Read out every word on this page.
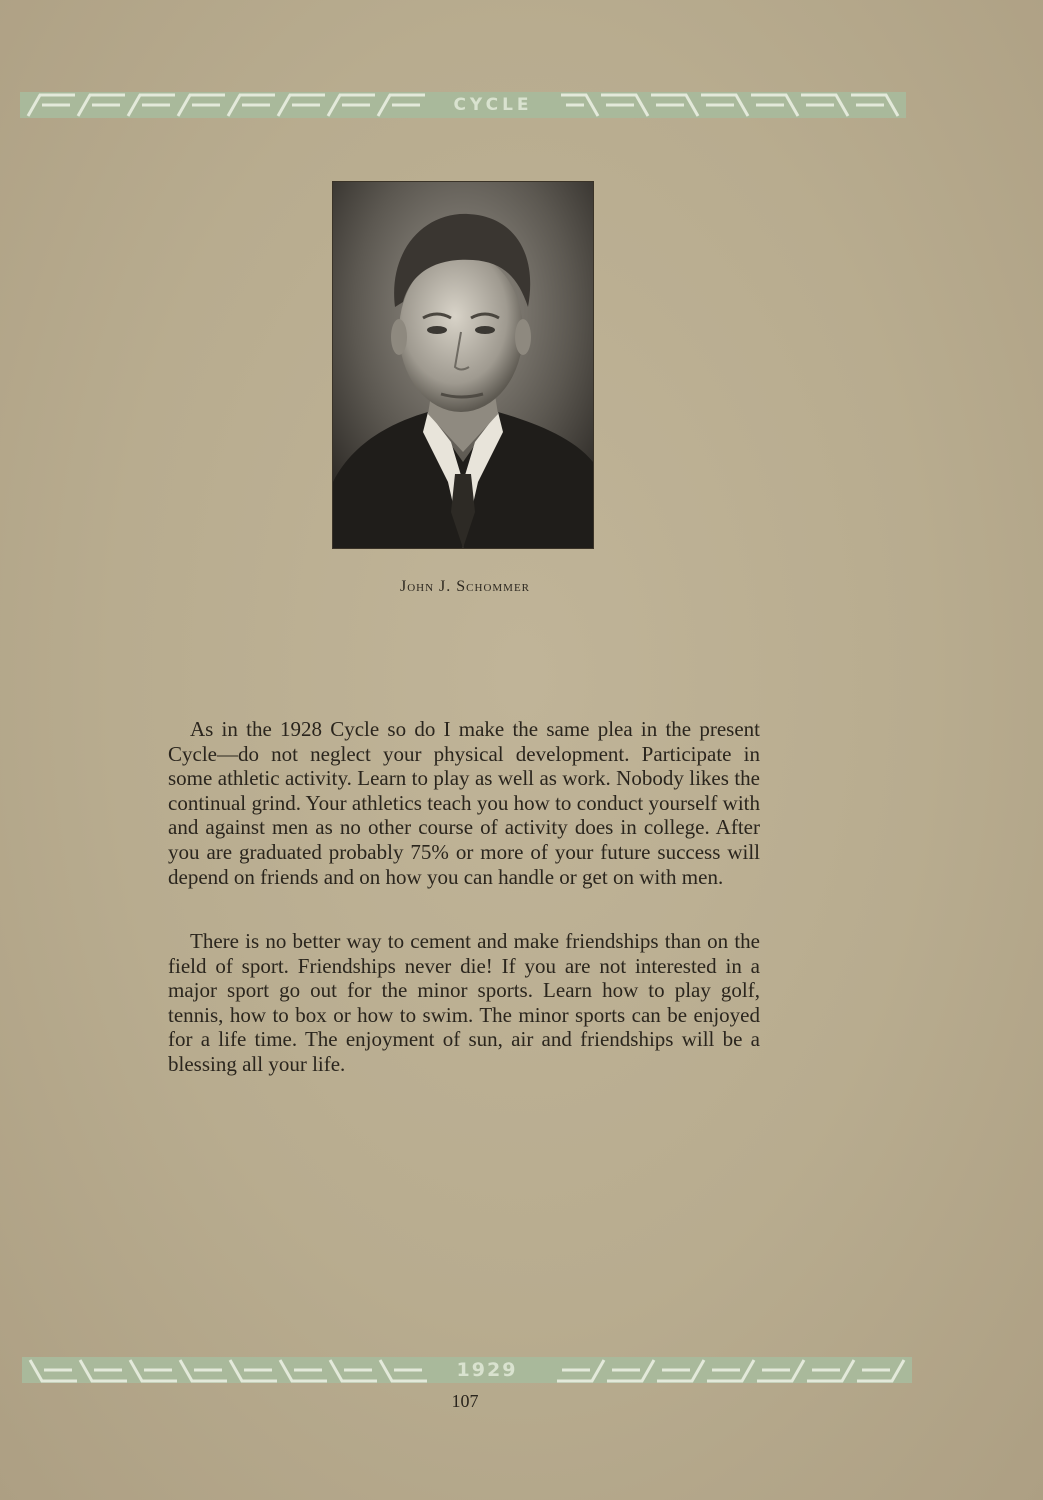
CYCLE
John J. Schommer

As in the 1928 Cycle so do I make the same plea in the present Cycle—do not neglect your physical development. Participate in some athletic activity. Learn to play as well as work. Nobody likes the continual grind. Your athletics teach you how to conduct yourself with and against men as no other course of activity does in college. After you are graduated probably 75% or more of your future success will depend on friends and on how you can handle or get on with men.

There is no better way to cement and make friendships than on the field of sport. Friendships never die! If you are not interested in a major sport go out for the minor sports. Learn how to play golf, tennis, how to box or how to swim. The minor sports can be enjoyed for a life time. The enjoyment of sun, air and friendships will be a blessing all your life.

1929
107
